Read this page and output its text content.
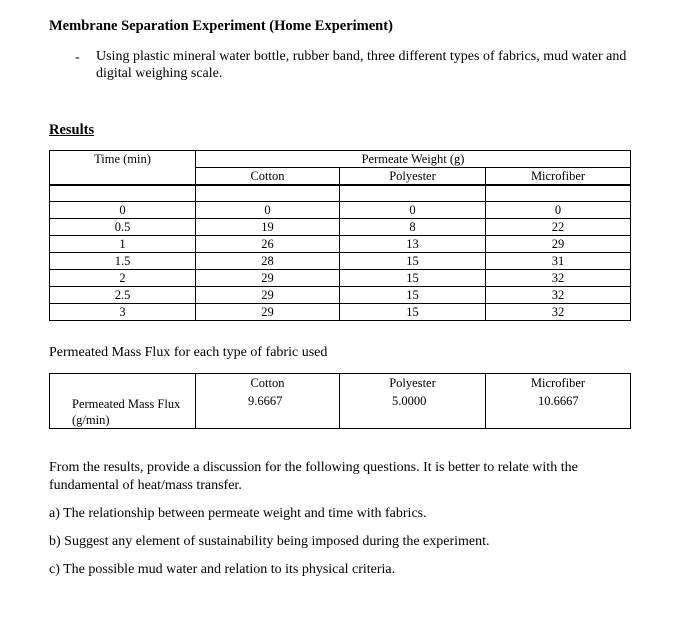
Membrane Separation Experiment (Home Experiment)
- Using plastic mineral water bottle, rubber band, three different types of fabrics, mud water and digital weighing scale.
Results
Time (min)	Permeate Weight (g)		
	Cotton	Polyester	Microfiber

0	0	0	0
0.5	19	8	22
1	26	13	29
1.5	28	15	31
2	29	15	32
2.5	29	15	32
3	29	15	32
Permeated Mass Flux for each type of fabric used
Permeated Mass Flux (g/min)	Cotton	Polyester	Microfiber
	9.6667	5.0000	10.6667
From the results, provide a discussion for the following questions. It is better to relate with the fundamental of heat/mass transfer.
a) The relationship between permeate weight and time with fabrics.
b) Suggest any element of sustainability being imposed during the experiment.
c) The possible mud water and relation to its physical criteria.
